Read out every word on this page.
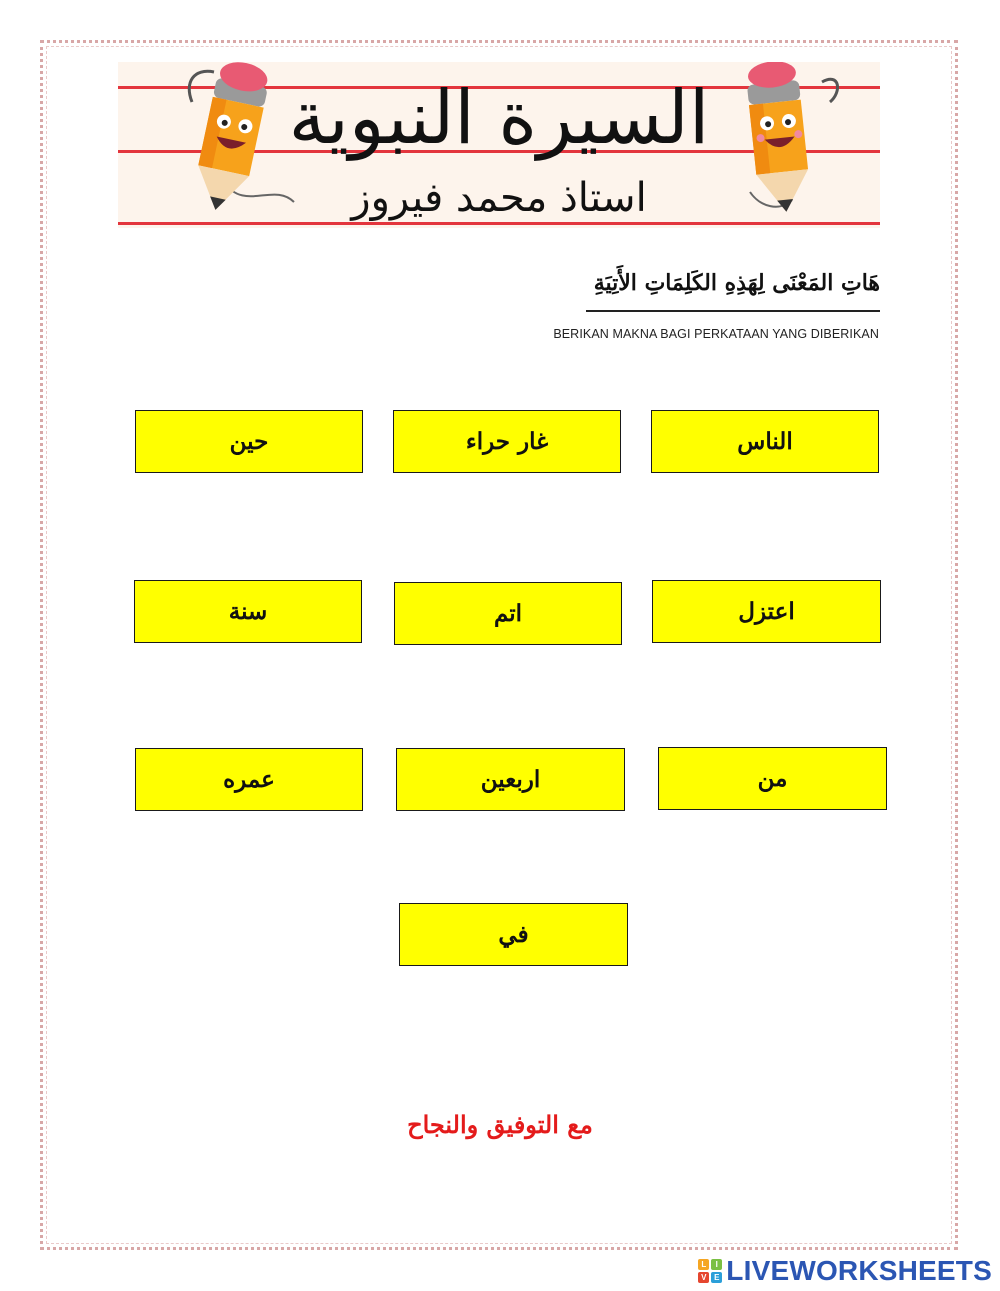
السيرة النبوية
استاذ محمد فيروز
هَاتِ المَعْنَى لِهَذِهِ الكَلِمَاتِ الأَتِيَةِ
BERIKAN MAKNA BAGI PERKATAAN YANG DIBERIKAN
الناس
غار حراء
حين
اعتزل
اتم
سنة
من
اربعين
عمره
في
مع التوفيق والنجاح
L	I
V E LIVEWORKSHEETS
